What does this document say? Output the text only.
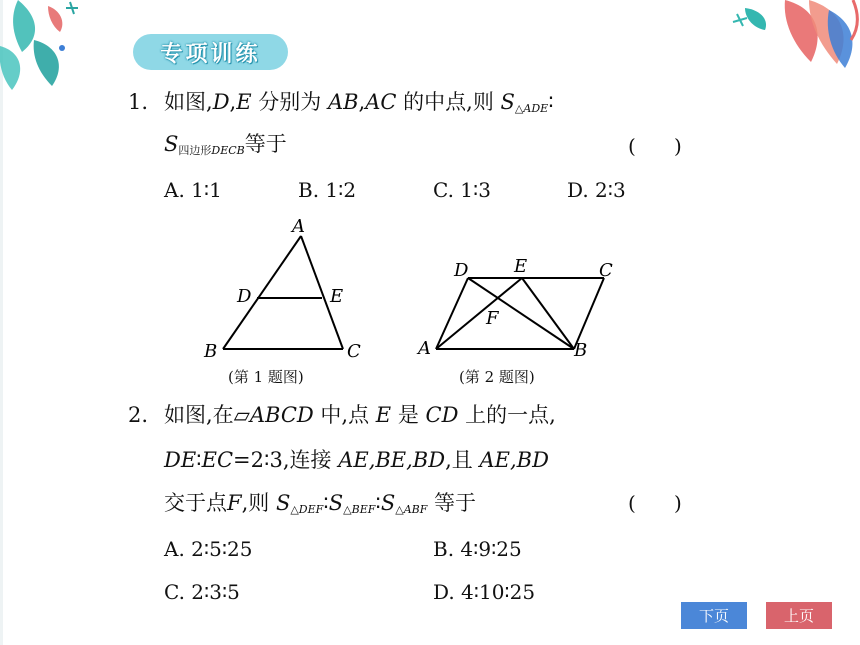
专项训练
1. 如图,D,E 分别为 AB,AC 的中点,则 $S_{\triangle ADE}∶$
S四边形$_{DECB}$等于	(      )
A. 1∶1	B. 1∶2	C. 1∶3	D. 2∶3
A
D	E
B	C
(第 1 题图)
D	E	C
F
A	B
(第 2 题图)
2. 如图,在▱ABCD 中,点 E 是 CD 上的一点,
DE∶EC=2∶3,连接 AE,BE,BD,且 AE,BD
交于点F,则 $S_{\triangle DEF}∶S_{\triangle BEF}∶S_{\triangle ABF}$ 等于	(      )
A. 2∶5∶25	B. 4∶9∶25
C. 2∶3∶5	D. 4∶10∶25
下页	上页
